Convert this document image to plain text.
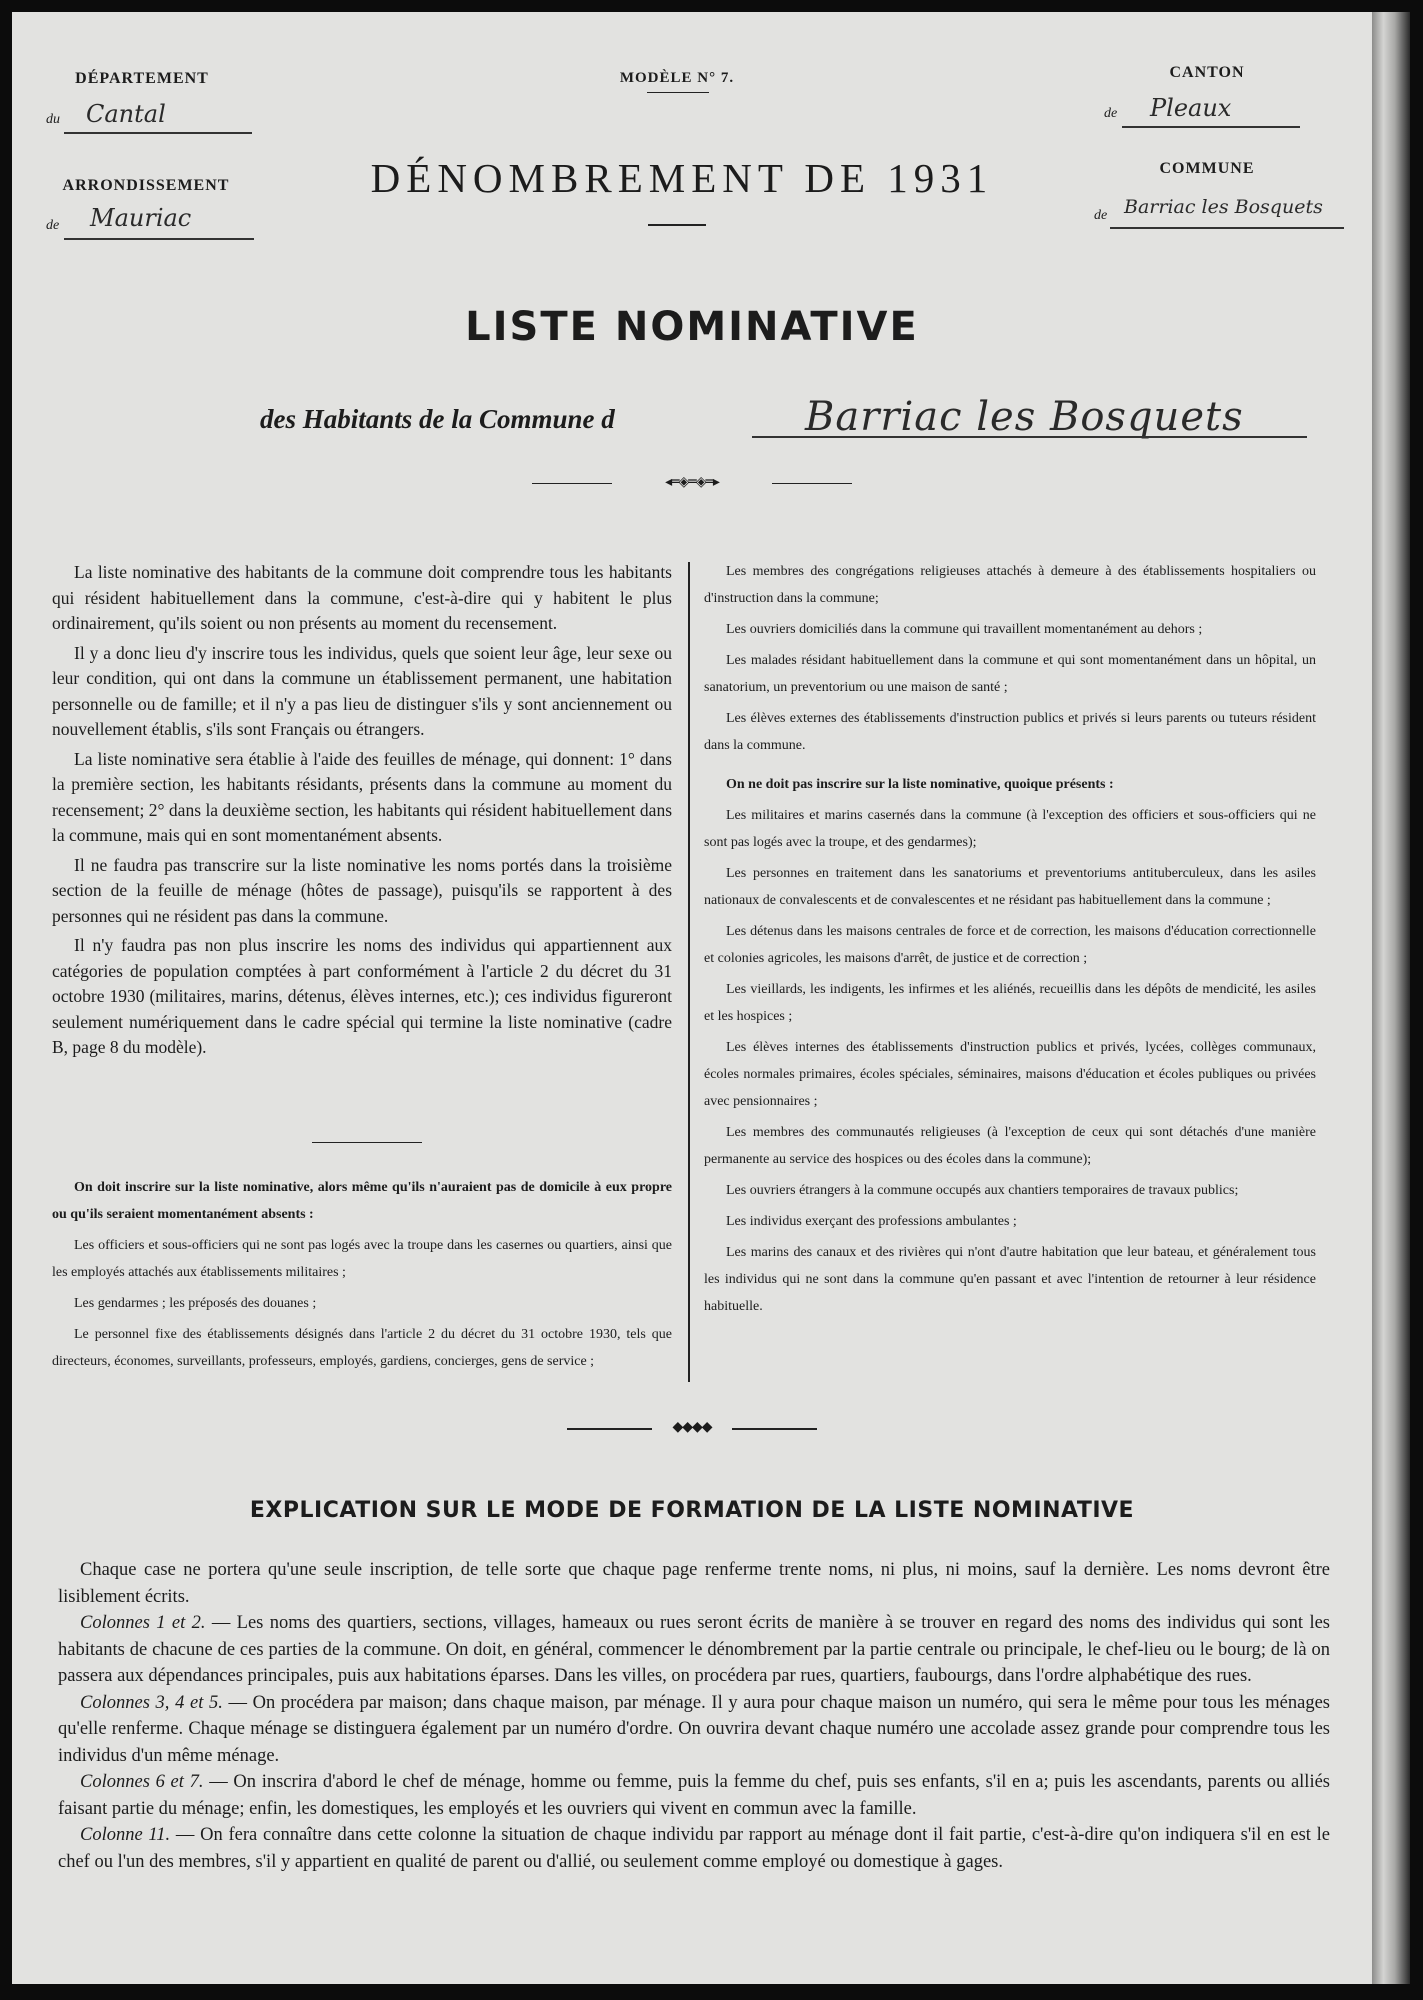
DÉPARTEMENT
du Cantal
ARRONDISSEMENT
de Mauriac
MODÈLE N° 7.
DÉNOMBREMENT DE 1931
CANTON
de Pleaux
COMMUNE
de Barriac les Bosquets
LISTE NOMINATIVE
des Habitants de la Commune d	Barriac les Bosquets
◂═◈═◈═▸

La liste nominative des habitants de la commune doit comprendre tous les habitants qui résident habituellement dans la commune, c'est-à-dire qui y habitent le plus ordinairement, qu'ils soient ou non présents au moment du recensement.

Il y a donc lieu d'y inscrire tous les individus, quels que soient leur âge, leur sexe ou leur condition, qui ont dans la commune un établissement permanent, une habitation personnelle ou de famille; et il n'y a pas lieu de distinguer s'ils y sont anciennement ou nouvellement établis, s'ils sont Français ou étrangers.

La liste nominative sera établie à l'aide des feuilles de ménage, qui donnent: 1° dans la première section, les habitants résidants, présents dans la commune au moment du recensement; 2° dans la deuxième section, les habitants qui résident habituellement dans la commune, mais qui en sont momentanément absents.

Il ne faudra pas transcrire sur la liste nominative les noms portés dans la troisième section de la feuille de ménage (hôtes de passage), puisqu'ils se rapportent à des personnes qui ne résident pas dans la commune.

Il n'y faudra pas non plus inscrire les noms des individus qui appartiennent aux catégories de population comptées à part conformément à l'article 2 du décret du 31 octobre 1930 (militaires, marins, détenus, élèves internes, etc.); ces individus figureront seulement numériquement dans le cadre spécial qui termine la liste nominative (cadre B, page 8 du modèle).

On doit inscrire sur la liste nominative, alors même qu'ils n'auraient pas de domicile à eux propre ou qu'ils seraient momentanément absents :

Les officiers et sous-officiers qui ne sont pas logés avec la troupe dans les casernes ou quartiers, ainsi que les employés attachés aux établissements militaires ;

Les gendarmes ; les préposés des douanes ;

Le personnel fixe des établissements désignés dans l'article 2 du décret du 31 octobre 1930, tels que directeurs, économes, surveillants, professeurs, employés, gardiens, concierges, gens de service ;

Les membres des congrégations religieuses attachés à demeure à des établissements hospitaliers ou d'instruction dans la commune;

Les ouvriers domiciliés dans la commune qui travaillent momentanément au dehors ;

Les malades résidant habituellement dans la commune et qui sont momentanément dans un hôpital, un sanatorium, un preventorium ou une maison de santé ;

Les élèves externes des établissements d'instruction publics et privés si leurs parents ou tuteurs résident dans la commune.

On ne doit pas inscrire sur la liste nominative, quoique présents :

Les militaires et marins casernés dans la commune (à l'exception des officiers et sous-officiers qui ne sont pas logés avec la troupe, et des gendarmes);

Les personnes en traitement dans les sanatoriums et preventoriums antituberculeux, dans les asiles nationaux de convalescents et de convalescentes et ne résidant pas habituellement dans la commune ;

Les détenus dans les maisons centrales de force et de correction, les maisons d'éducation correctionnelle et colonies agricoles, les maisons d'arrêt, de justice et de correction ;

Les vieillards, les indigents, les infirmes et les aliénés, recueillis dans les dépôts de mendicité, les asiles et les hospices ;

Les élèves internes des établissements d'instruction publics et privés, lycées, collèges communaux, écoles normales primaires, écoles spéciales, séminaires, maisons d'éducation et écoles publiques ou privées avec pensionnaires ;

Les membres des communautés religieuses (à l'exception de ceux qui sont détachés d'une manière permanente au service des hospices ou des écoles dans la commune);

Les ouvriers étrangers à la commune occupés aux chantiers temporaires de travaux publics;

Les individus exerçant des professions ambulantes ;

Les marins des canaux et des rivières qui n'ont d'autre habitation que leur bateau, et généralement tous les individus qui ne sont dans la commune qu'en passant et avec l'intention de retourner à leur résidence habituelle.

◆◆◆◆
EXPLICATION SUR LE MODE DE FORMATION DE LA LISTE NOMINATIVE

Chaque case ne portera qu'une seule inscription, de telle sorte que chaque page renferme trente noms, ni plus, ni moins, sauf la dernière. Les noms devront être lisiblement écrits.

Colonnes 1 et 2. — Les noms des quartiers, sections, villages, hameaux ou rues seront écrits de manière à se trouver en regard des noms des individus qui sont les habitants de chacune de ces parties de la commune. On doit, en général, commencer le dénombrement par la partie centrale ou principale, le chef-lieu ou le bourg; de là on passera aux dépendances principales, puis aux habitations éparses. Dans les villes, on procédera par rues, quartiers, faubourgs, dans l'ordre alphabétique des rues.

Colonnes 3, 4 et 5. — On procédera par maison; dans chaque maison, par ménage. Il y aura pour chaque maison un numéro, qui sera le même pour tous les ménages qu'elle renferme. Chaque ménage se distinguera également par un numéro d'ordre. On ouvrira devant chaque numéro une accolade assez grande pour comprendre tous les individus d'un même ménage.

Colonnes 6 et 7. — On inscrira d'abord le chef de ménage, homme ou femme, puis la femme du chef, puis ses enfants, s'il en a; puis les ascendants, parents ou alliés faisant partie du ménage; enfin, les domestiques, les employés et les ouvriers qui vivent en commun avec la famille.

Colonne 11. — On fera connaître dans cette colonne la situation de chaque individu par rapport au ménage dont il fait partie, c'est-à-dire qu'on indiquera s'il en est le chef ou l'un des membres, s'il y appartient en qualité de parent ou d'allié, ou seulement comme employé ou domestique à gages.
